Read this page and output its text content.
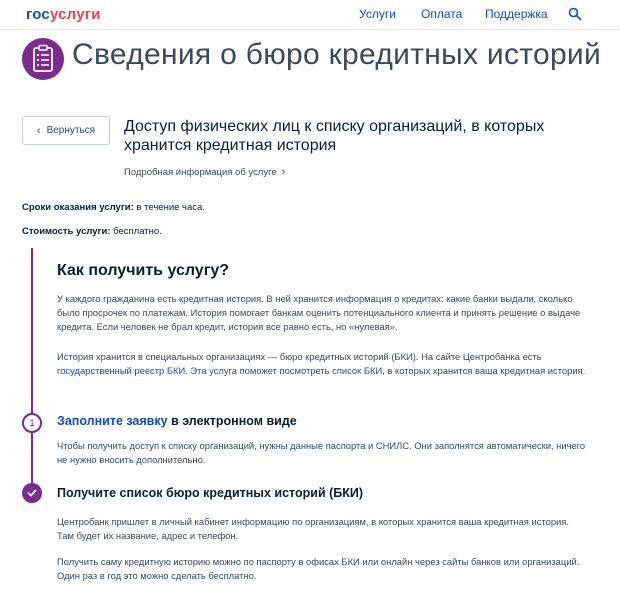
госуслуги	Услуги Оплата Поддержка
Сведения о бюро кредитных историй
‹ Вернуться Доступ физических лиц к списку организаций, в которых хранится кредитная история
Подробная информация об услуге ›
Сроки оказания услуги: в течение часа.
Стоимость услуги: бесплатно.
Как получить услугу?

У каждого гражданина есть кредитная история. В ней хранится информация о кредитах: какие банки выдали, сколько было просрочек по платежам. История помогает банкам оценить потенциального клиента и принять решение о выдаче кредита. Если человек не брал кредит, история все равно есть, но «нулевая».

История хранится в специальных организациях — бюро кредитных историй (БКИ). На сайте Центробанка есть государственный реестр БКИ. Эта услуга поможет посмотреть список БКИ, в которых хранится ваша кредитная история.

1	Заполните заявку в электронном виде

Чтобы получить доступ к списку организаций, нужны данные паспорта и СНИЛС. Они заполнятся автоматически, ничего не нужно вносить дополнительно.

Получите список бюро кредитных историй (БКИ)

Центробанк пришлет в личный кабинет информацию по организациям, в которых хранится ваша кредитная история. Там будет их название, адрес и телефон.

Получить саму кредитную историю можно по паспорту в офисах БКИ или онлайн через сайты банков или организаций. Один раз в год это можно сделать бесплатно.
